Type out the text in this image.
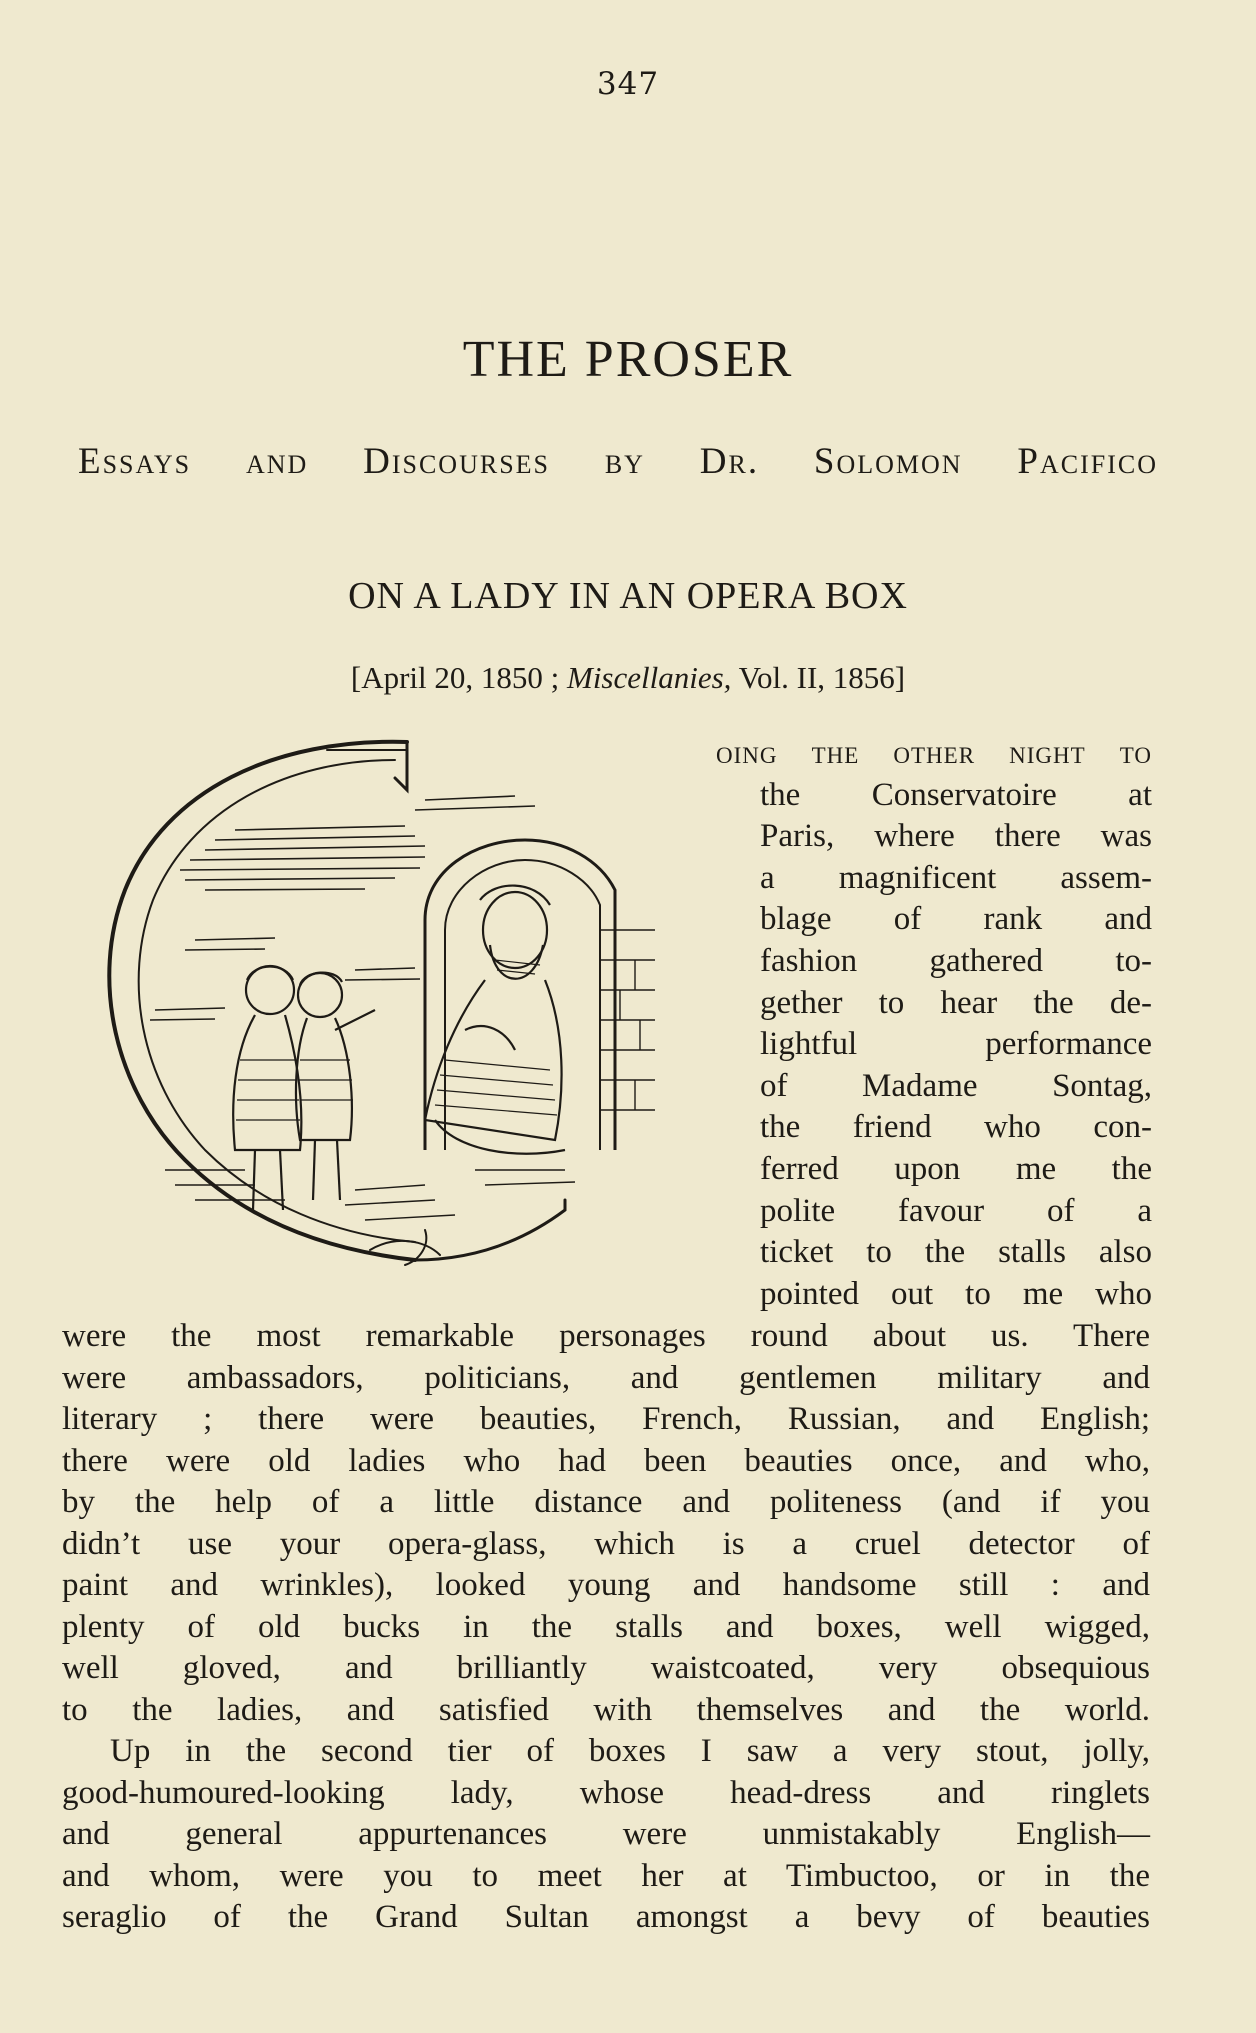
347
THE PROSER
Essays and Discourses by Dr. Solomon Pacifico
ON A LADY IN AN OPERA BOX
[April 20, 1850 ; Miscellanies, Vol. II, 1856]
oing the other night to
the Conservatoire at
Paris, where there was
a magnificent assem-
blage of rank and
fashion gathered to-
gether to hear the de-
lightful performance
of Madame Sontag,
the friend who con-
ferred upon me the
polite favour of a
ticket to the stalls also
pointed out to me who
were the most remarkable personages round about us. There
were ambassadors, politicians, and gentlemen military and
literary ; there were beauties, French, Russian, and English;
there were old ladies who had been beauties once, and who,
by the help of a little distance and politeness (and if you
didn’t use your opera-glass, which is a cruel detector of
paint and wrinkles), looked young and handsome still : and
plenty of old bucks in the stalls and boxes, well wigged,
well gloved, and brilliantly waistcoated, very obsequious
to the ladies, and satisfied with themselves and the world.
Up in the second tier of boxes I saw a very stout, jolly,
good-humoured-looking lady, whose head-dress and ringlets
and general appurtenances were unmistakably English—
and whom, were you to meet her at Timbuctoo, or in the
seraglio of the Grand Sultan amongst a bevy of beauties
